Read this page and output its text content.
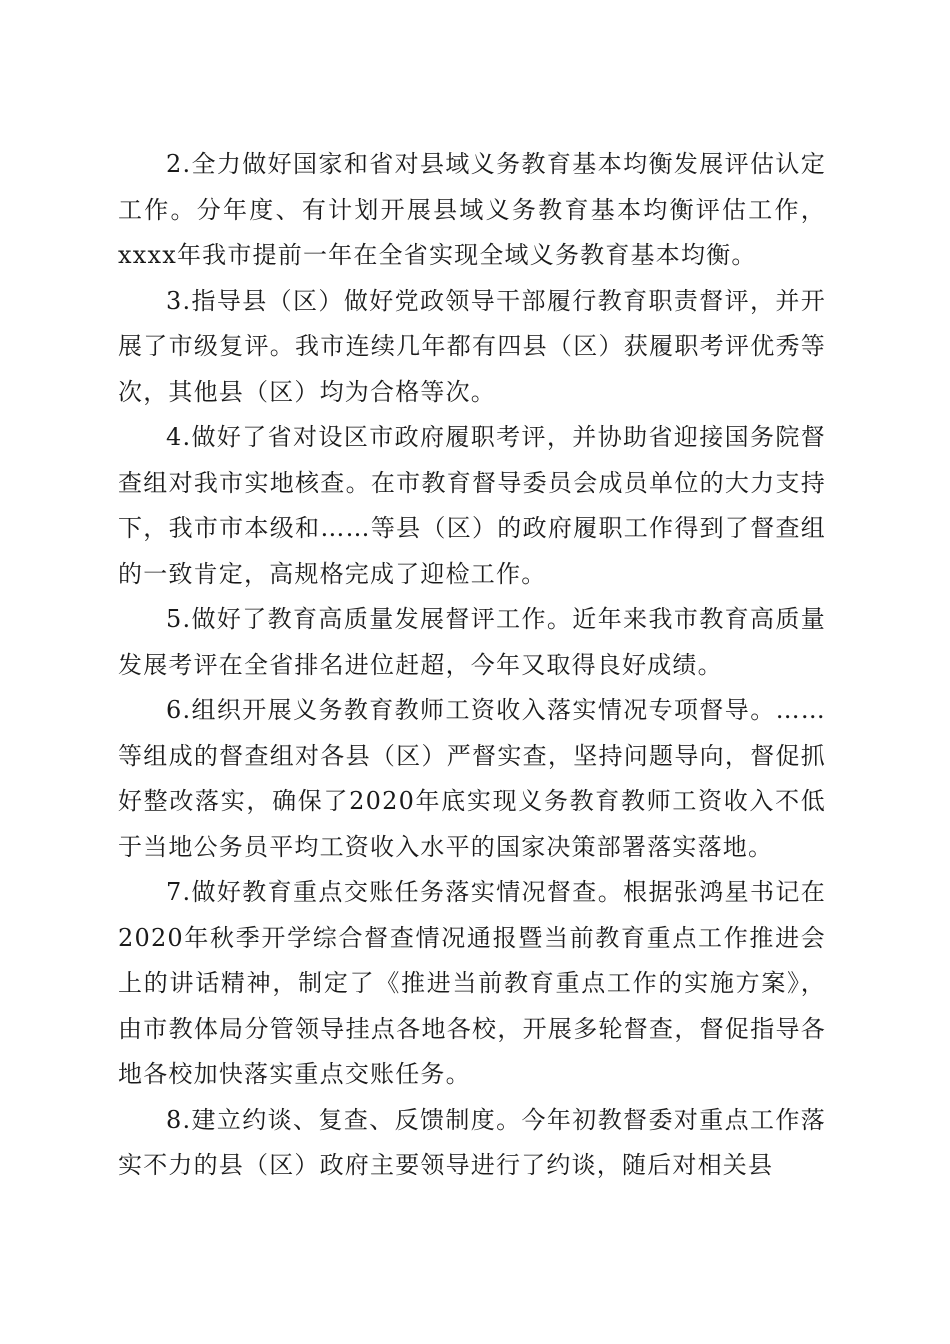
2.全力做好国家和省对县域义务教育基本均衡发展评估认定工作。分年度、有计划开展县域义务教育基本均衡评估工作，xxxx年我市提前一年在全省实现全域义务教育基本均衡。

3.指导县（区）做好党政领导干部履行教育职责督评，并开展了市级复评。我市连续几年都有四县（区）获履职考评优秀等次，其他县（区）均为合格等次。

4.做好了省对设区市政府履职考评，并协助省迎接国务院督查组对我市实地核查。在市教育督导委员会成员单位的大力支持下，我市市本级和……等县（区）的政府履职工作得到了督查组的一致肯定，高规格完成了迎检工作。

5.做好了教育高质量发展督评工作。近年来我市教育高质量发展考评在全省排名进位赶超，今年又取得良好成绩。

6.组织开展义务教育教师工资收入落实情况专项督导。……等组成的督查组对各县（区）严督实查，坚持问题导向，督促抓好整改落实，确保了2020年底实现义务教育教师工资收入不低于当地公务员平均工资收入水平的国家决策部署落实落地。

7.做好教育重点交账任务落实情况督查。根据张鸿星书记在2020年秋季开学综合督查情况通报暨当前教育重点工作推进会上的讲话精神，制定了《推进当前教育重点工作的实施方案》，由市教体局分管领导挂点各地各校，开展多轮督查，督促指导各地各校加快落实重点交账任务。

8.建立约谈、复查、反馈制度。今年初教督委对重点工作落实不力的县（区）政府主要领导进行了约谈，随后对相关县
